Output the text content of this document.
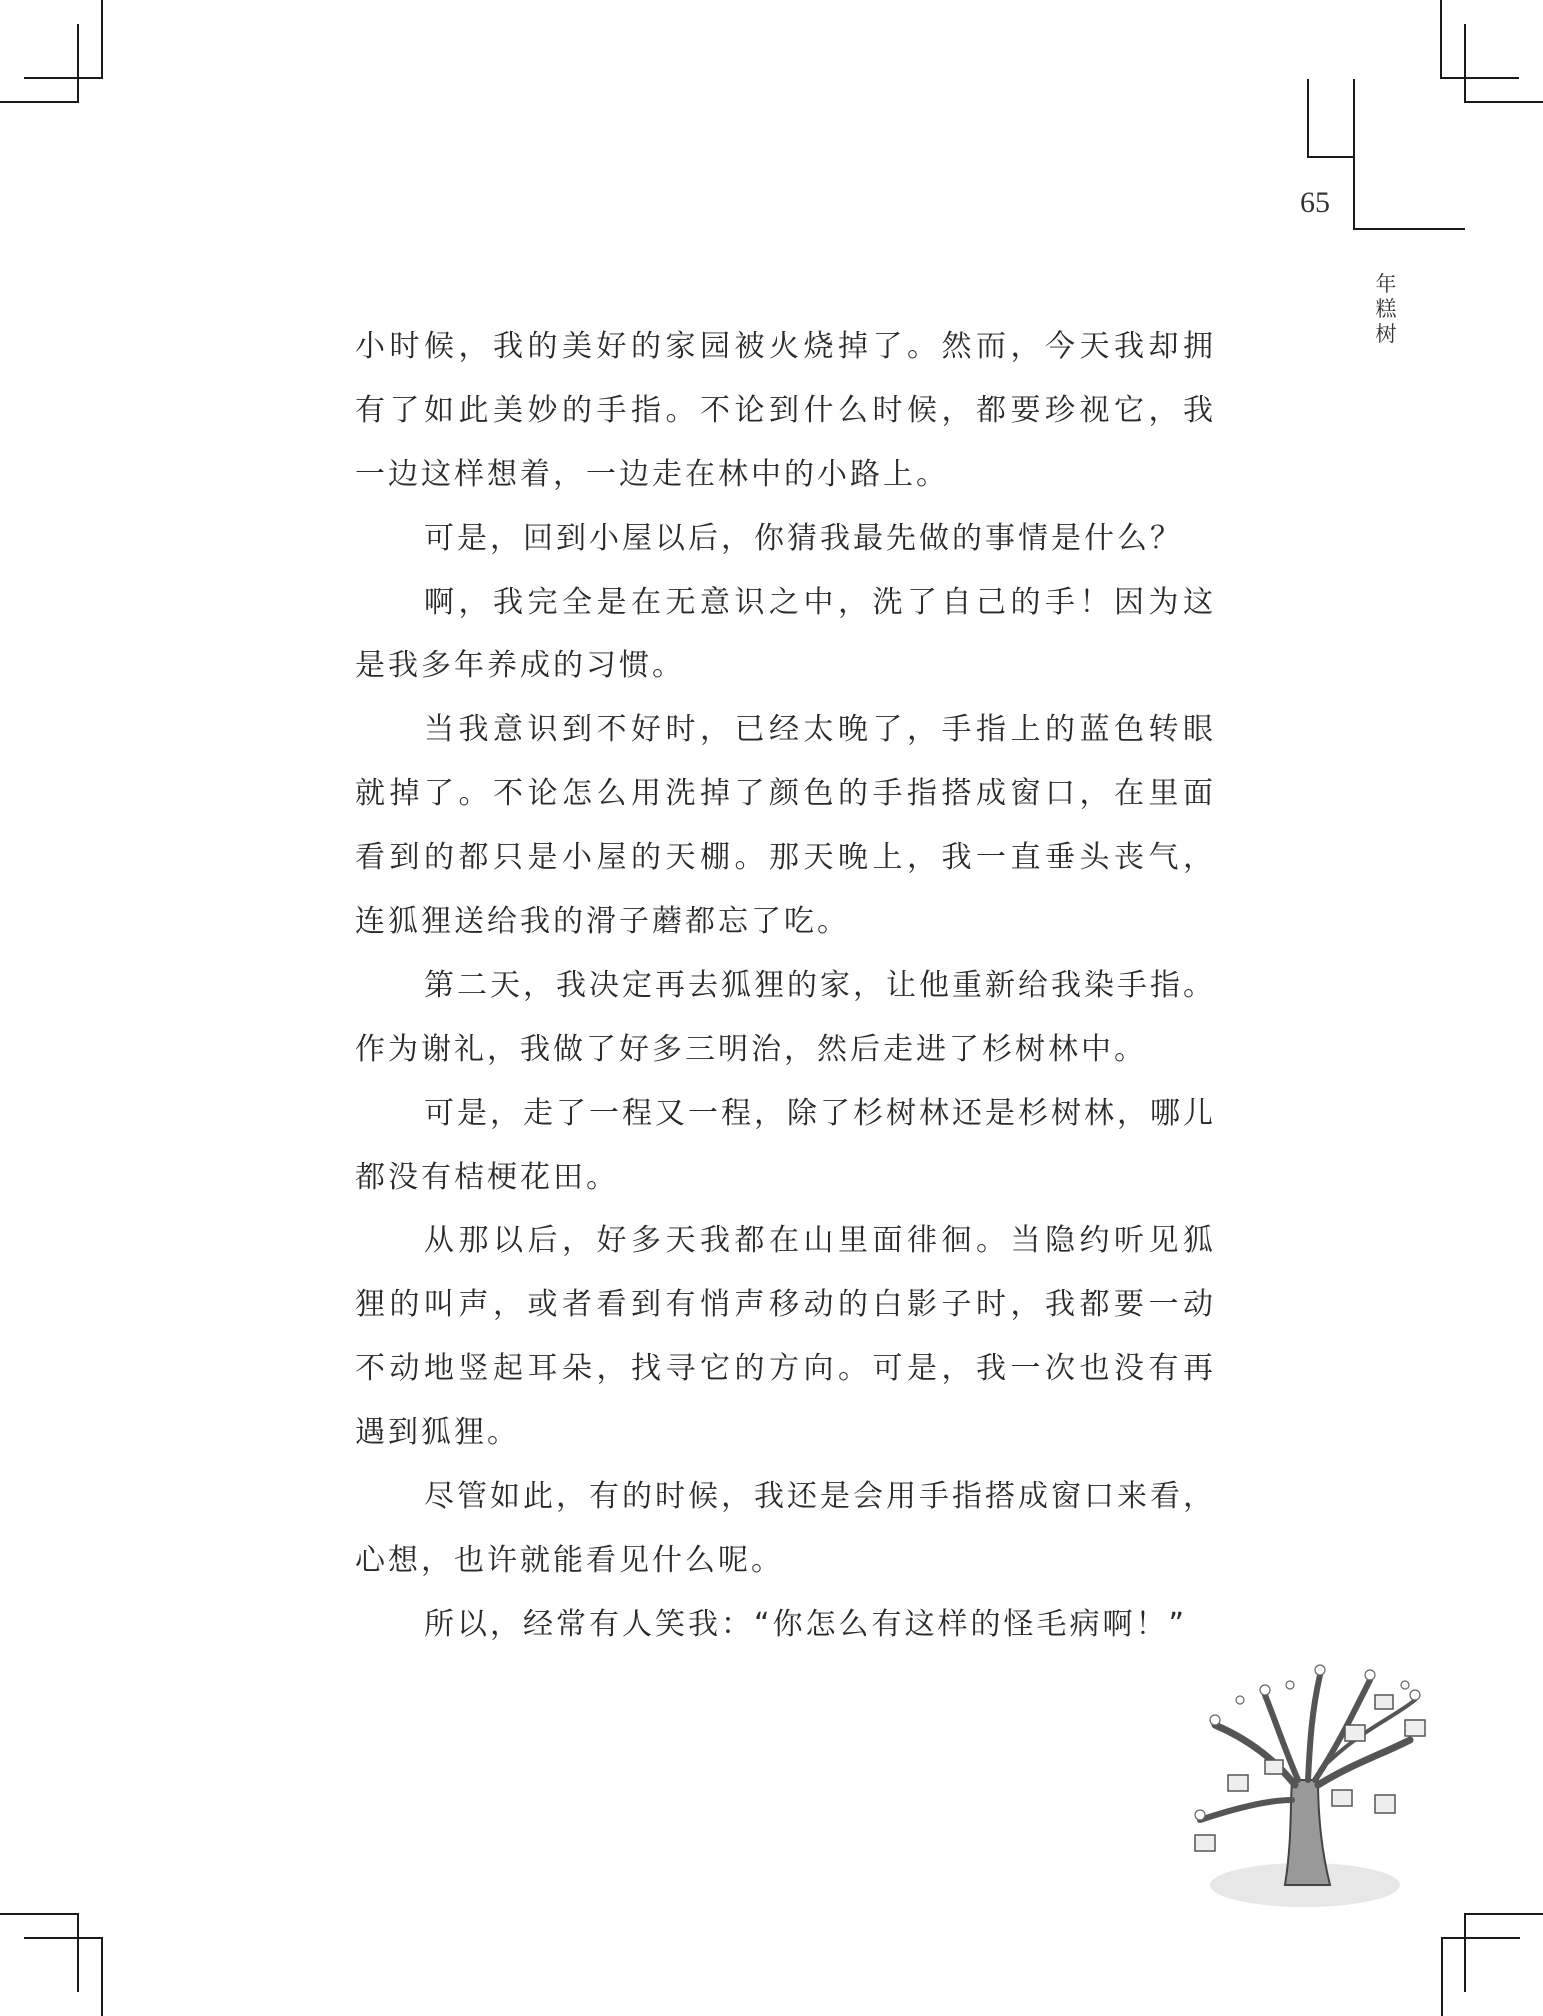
65
年
糕
树
小时候，我的美好的家园被火烧掉了。然而，今天我却拥
有了如此美妙的手指。不论到什么时候，都要珍视它，我
一边这样想着，一边走在林中的小路上。
可是，回到小屋以后，你猜我最先做的事情是什么？
啊，我完全是在无意识之中，洗了自己的手！因为这
是我多年养成的习惯。
当我意识到不好时，已经太晚了，手指上的蓝色转眼
就掉了。不论怎么用洗掉了颜色的手指搭成窗口，在里面
看到的都只是小屋的天棚。那天晚上，我一直垂头丧气，
连狐狸送给我的滑子蘑都忘了吃。
第二天，我决定再去狐狸的家，让他重新给我染手指。
作为谢礼，我做了好多三明治，然后走进了杉树林中。
可是，走了一程又一程，除了杉树林还是杉树林，哪儿
都没有桔梗花田。
从那以后，好多天我都在山里面徘徊。当隐约听见狐
狸的叫声，或者看到有悄声移动的白影子时，我都要一动
不动地竖起耳朵，找寻它的方向。可是，我一次也没有再
遇到狐狸。
尽管如此，有的时候，我还是会用手指搭成窗口来看，
心想，也许就能看见什么呢。
所以，经常有人笑我：“你怎么有这样的怪毛病啊！”
